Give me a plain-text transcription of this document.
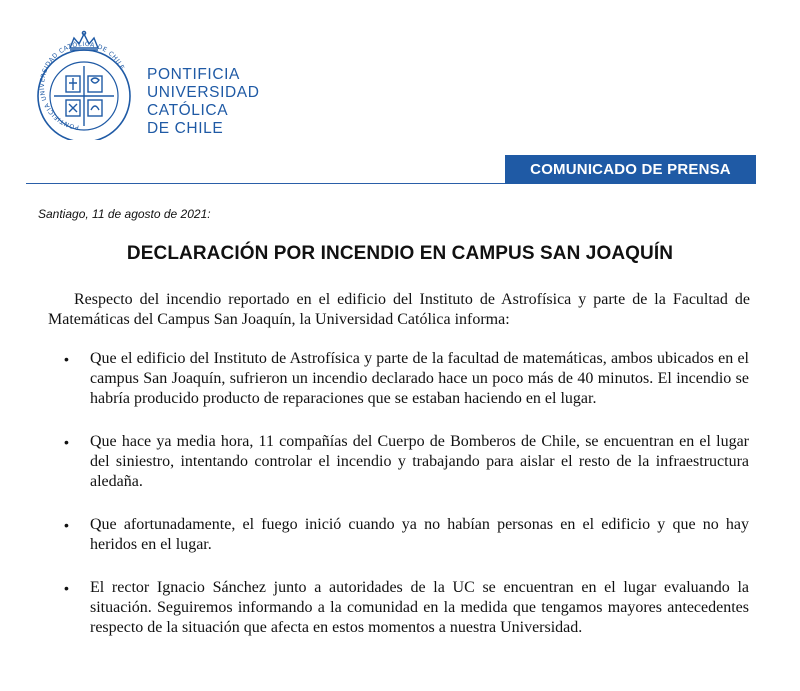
PONTIFICIA UNIVERSIDAD CATÓLICA DE CHILE PONTIFICIA
UNIVERSIDAD
CATÓLICA
DE CHILE
COMUNICADO DE PRENSA
Santiago, 11 de agosto de 2021:
DECLARACIÓN POR INCENDIO EN CAMPUS SAN JOAQUÍN

Respecto del incendio reportado en el edificio del Instituto de Astrofísica y parte de la Facultad de Matemáticas del Campus San Joaquín, la Universidad Católica informa:

• Que el edificio del Instituto de Astrofísica y parte de la facultad de matemáticas, ambos ubicados en el campus San Joaquín, sufrieron un incendio declarado hace un poco más de 40 minutos. El incendio se habría producido producto de reparaciones que se estaban haciendo en el lugar.
• Que hace ya media hora, 11 compañías del Cuerpo de Bomberos de Chile, se encuentran en el lugar del siniestro, intentando controlar el incendio y trabajando para aislar el resto de la infraestructura aledaña.
• Que afortunadamente, el fuego inició cuando ya no habían personas en el edificio y que no hay heridos en el lugar.
• El rector Ignacio Sánchez junto a autoridades de la UC se encuentran en el lugar evaluando la situación. Seguiremos informando a la comunidad en la medida que tengamos mayores antecedentes respecto de la situación que afecta en estos momentos a nuestra Universidad.
